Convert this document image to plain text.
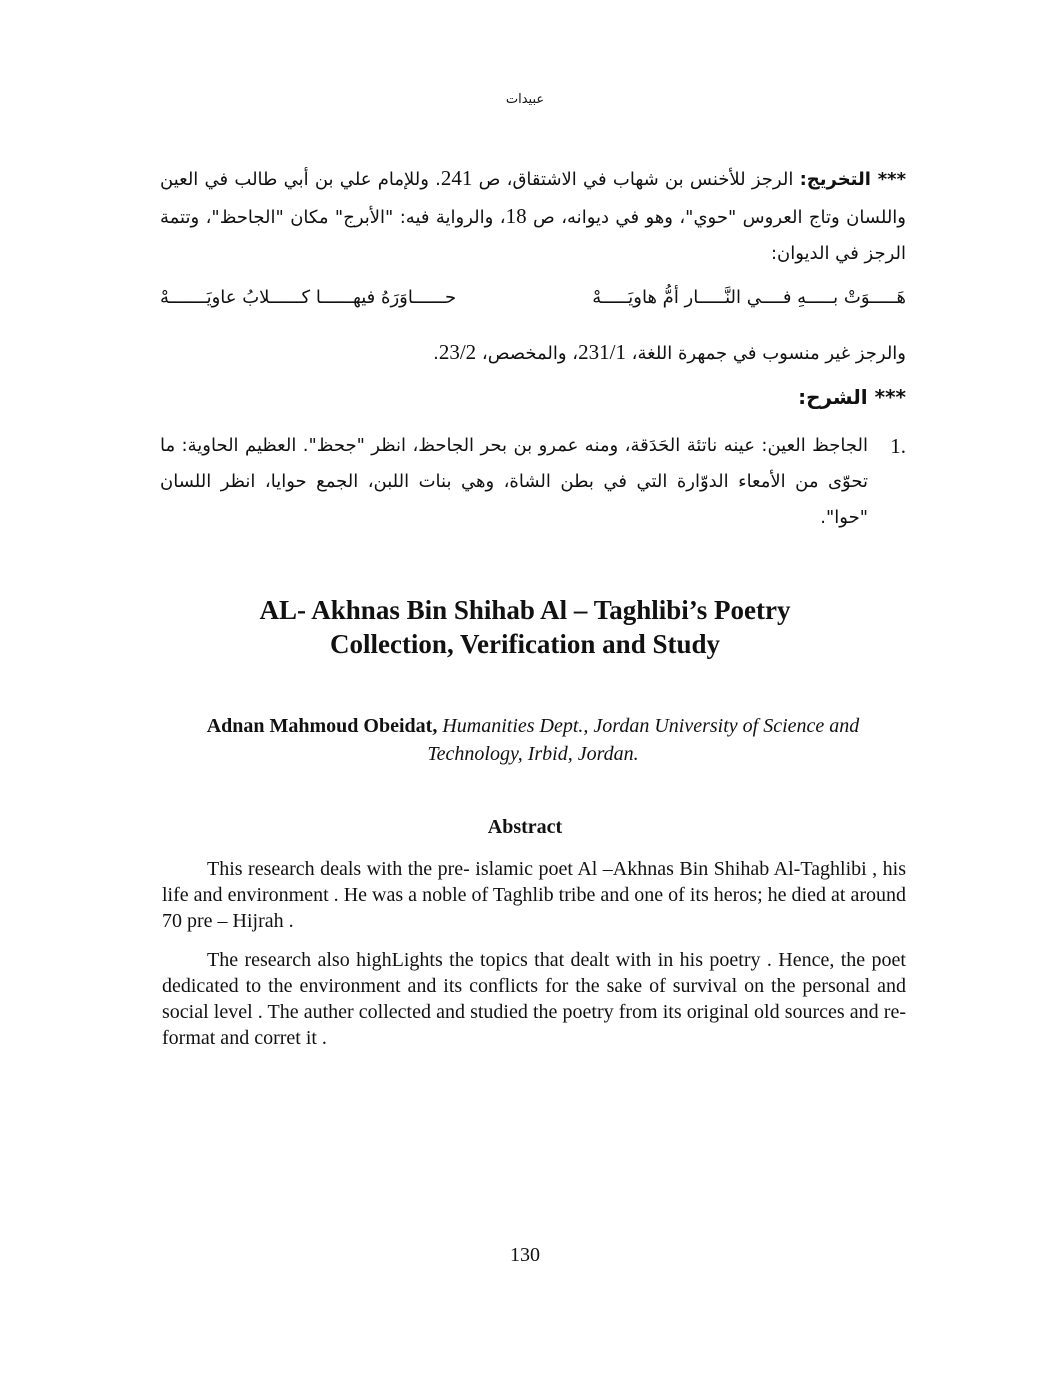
عبيدات
*** التخريج: الرجز للأخنس بن شهاب في الاشتقاق، ص 241. وللإمام علي بن أبي طالب في العين واللسان وتاج العروس "حوي"، وهو في ديوانه، ص 18، والرواية فيه: "الأبرج" مكان "الجاحظ"، وتتمة الرجز في الديوان:
هَـــــوَتْ بـــــهِ فــــي النَّـــــار أمُّ هاويَـــــهْ
حــــــاوَرَهُ فيهــــــا كــــــلابُ عاويَـــــــهْ
والرجز غير منسوب في جمهرة اللغة، 231/1، والمخصص، 23/2.
*** الشرح:
.1
الجاجظ العين: عينه ناتئة الحَدَقة، ومنه عمرو بن بحر الجاحظ، انظر "جحظ". العظيم الحاوية: ما تحوّى من الأمعاء الدوّارة التي في بطن الشاة، وهي بنات اللبن، الجمع حوايا، انظر اللسان "حوا".
AL- Akhnas Bin Shihab Al – Taghlibi’s Poetry
Collection, Verification and Study
Adnan Mahmoud Obeidat, Humanities Dept., Jordan University of Science and Technology, Irbid, Jordan.
Abstract
This research deals with the pre- islamic poet Al –Akhnas Bin Shihab Al-Taghlibi , his life and environment . He was a noble of Taghlib tribe and one of its heros; he died at around 70 pre – Hijrah .
The research also highLights the topics that dealt with in his poetry . Hence, the poet dedicated to the environment and its conflicts for the sake of survival on the personal and social level . The auther collected and studied the poetry from its original old sources and re-format and corret it .
130
